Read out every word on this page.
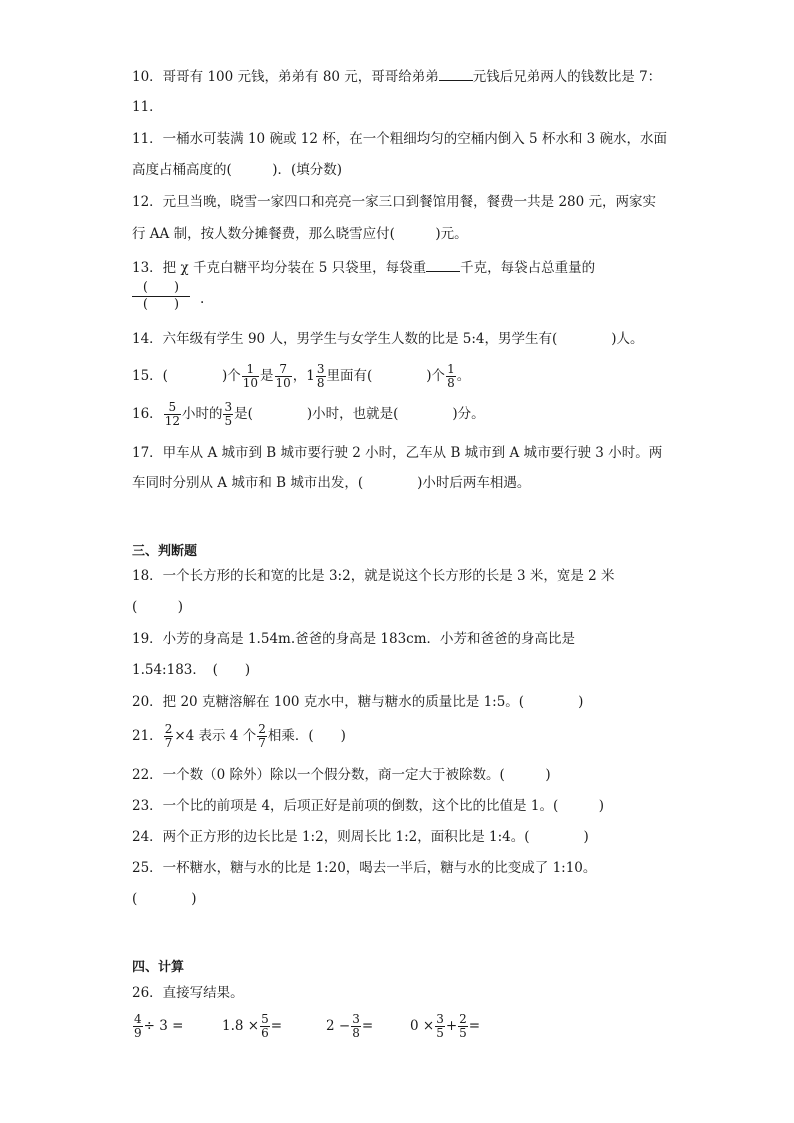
10．哥哥有 100 元钱，弟弟有 80 元，哥哥给弟弟	元钱后兄弟两人的钱数比是 7：
11．
11．一桶水可装满 10 碗或 12 杯，在一个粗细均匀的空桶内倒入 5 杯水和 3 碗水，水面
高度占桶高度的(　　　)．(填分数)
12．元旦当晚，晓雪一家四口和亮亮一家三口到餐馆用餐，餐费一共是 280 元，两家实
行 AA 制，按人数分摊餐费，那么晓雪应付(　　　)元。
13．把 χ 千克白糖平均分装在 5 只袋里，每袋重	千克，每袋占总重量的
(　　)
(　　)	.
14．六年级有学生 90 人，男学生与女学生人数的比是 5:4，男学生有(　　　　)人。
15．(　　　　)个 $\frac{1}{10}$ 是 $\frac{7}{10}$ ，$1 \frac{3}{8}$ 里面有(　　　　)个 $\frac{1}{8}$ 。
16． $\frac{5}{12}$ 小时的 $\frac{3}{5}$ 是(　　　　)小时，也就是(　　　　)分。
17．甲车从 A 城市到 B 城市要行驶 2 小时，乙车从 B 城市到 A 城市要行驶 3 小时。两
车同时分别从 A 城市和 B 城市出发，(　　　　)小时后两车相遇。
三、判断题
18．一个长方形的长和宽的比是 3:2，就是说这个长方形的长是 3 米，宽是 2 米
(　　　)
19．小芳的身高是 1.54m.爸爸的身高是 183cm．小芳和爸爸的身高比是
1.54:183．　(　　)
20．把 20 克糖溶解在 100 克水中，糖与糖水的质量比是 1:5。(　　　　)
21． $\frac{2}{7} \times 4$ 表示 4 个 $\frac{2}{7}$ 相乘．(　　)
22．一个数（0 除外）除以一个假分数，商一定大于被除数。(　　　)
23．一个比的前项是 4，后项正好是前项的倒数，这个比的比值是 1。(　　　)
24．两个正方形的边长比是 1:2，则周长比 1:2，面积比是 1:4。(　　　　)
25．一杯糖水，糖与水的比是 1:20，喝去一半后，糖与水的比变成了 1:10。
(　　　　)
四、计算
26．直接写结果。
$\frac{4}{9} \div 3$ =	$1.8 \times \frac{5}{6}$ =	$2 - \frac{3}{8}$ =	$0 \times \frac{3}{5} + \frac{2}{5}$ =
